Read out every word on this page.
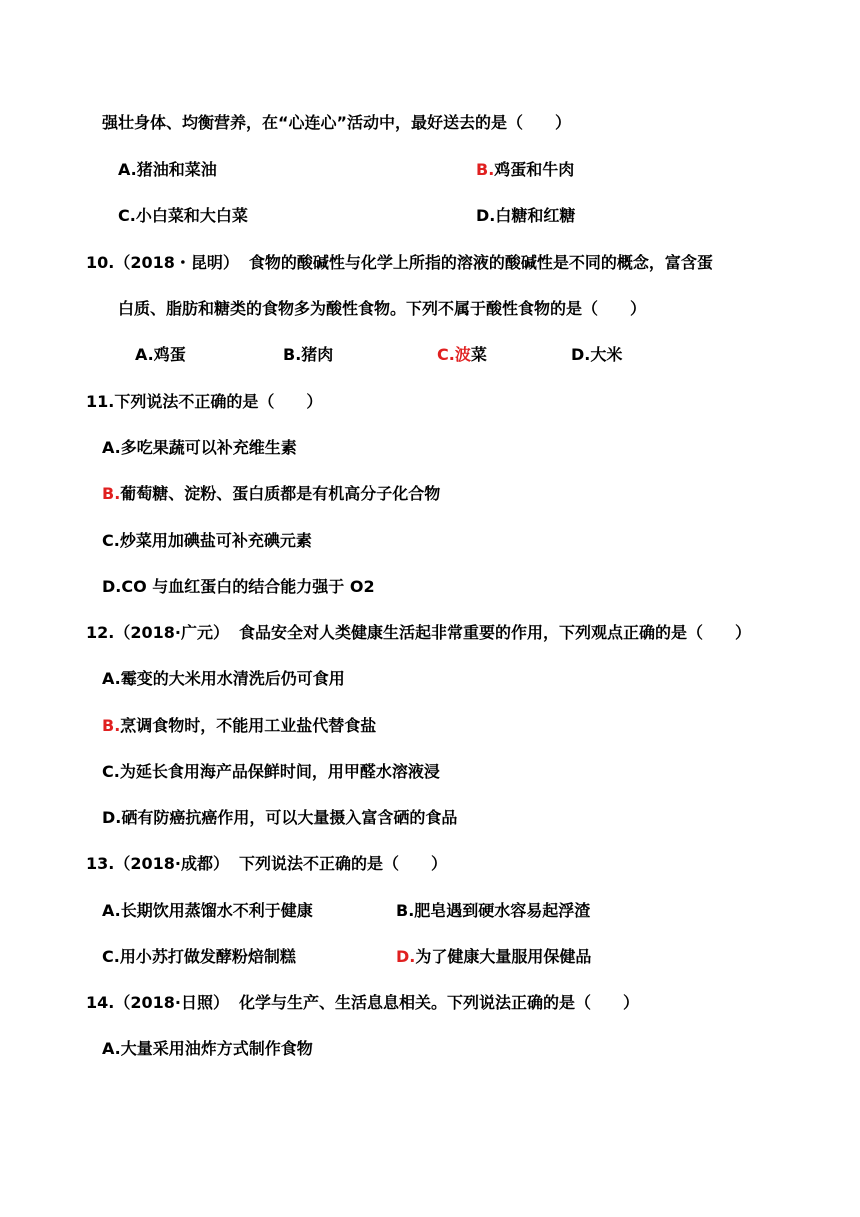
强壮身体、均衡营养，在“心连心”活动中，最好送去的是（　　）
A.猪油和菜油	B.鸡蛋和牛肉
C.小白菜和大白菜	D.白糖和红糖
10.（2018・昆明） 食物的酸碱性与化学上所指的溶液的酸碱性是不同的概念，富含蛋
白质、脂肪和糖类的食物多为酸性食物。下列不属于酸性食物的是（　　）
A.鸡蛋	B.猪肉	C.波菜	D.大米
11.下列说法不正确的是（　　）
A.多吃果蔬可以补充维生素
B.葡萄糖、淀粉、蛋白质都是有机高分子化合物
C.炒菜用加碘盐可补充碘元素
D.CO 与血红蛋白的结合能力强于 O2
12.（2018·广元） 食品安全对人类健康生活起非常重要的作用，下列观点正确的是（　　）
A.霉变的大米用水清洗后仍可食用
B.烹调食物时，不能用工业盐代替食盐
C.为延长食用海产品保鲜时间，用甲醛水溶液浸
D.硒有防癌抗癌作用，可以大量摄入富含硒的食品
13.（2018·成都） 下列说法不正确的是（　　）
A.长期饮用蒸馏水不利于健康	B.肥皂遇到硬水容易起浮渣
C.用小苏打做发酵粉焙制糕	D.为了健康大量服用保健品
14.（2018·日照） 化学与生产、生活息息相关。下列说法正确的是（　　）
A.大量采用油炸方式制作食物
